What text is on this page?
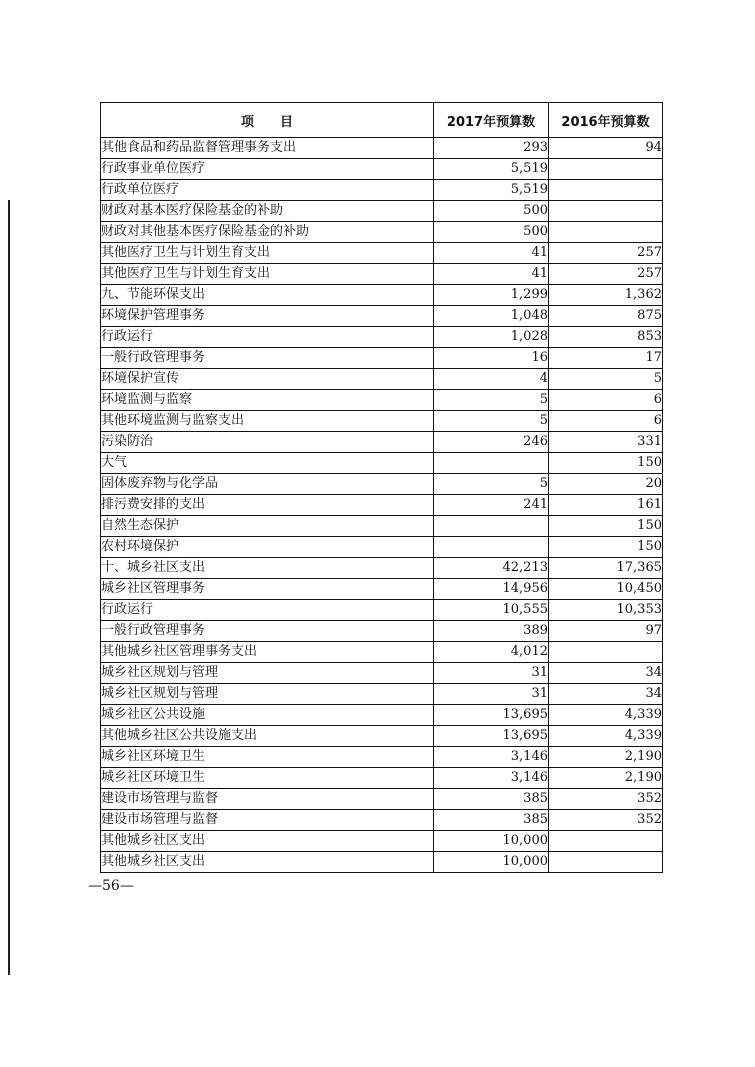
项　　目	2017年预算数	2016年预算数
其他食品和药品监督管理事务支出	293	94
行政事业单位医疗	5,519	
行政单位医疗	5,519	
财政对基本医疗保险基金的补助	500	
财政对其他基本医疗保险基金的补助	500	
其他医疗卫生与计划生育支出	41	257
其他医疗卫生与计划生育支出	41	257
九、节能环保支出	1,299	1,362
环境保护管理事务	1,048	875
行政运行	1,028	853
一般行政管理事务	16	17
环境保护宣传	4	5
环境监测与监察	5	6
其他环境监测与监察支出	5	6
污染防治	246	331
大气		150
固体废弃物与化学品	5	20
排污费安排的支出	241	161
自然生态保护		150
农村环境保护		150
十、城乡社区支出	42,213	17,365
城乡社区管理事务	14,956	10,450
行政运行	10,555	10,353
一般行政管理事务	389	97
其他城乡社区管理事务支出	4,012	
城乡社区规划与管理	31	34
城乡社区规划与管理	31	34
城乡社区公共设施	13,695	4,339
其他城乡社区公共设施支出	13,695	4,339
城乡社区环境卫生	3,146	2,190
城乡社区环境卫生	3,146	2,190
建设市场管理与监督	385	352
建设市场管理与监督	385	352
其他城乡社区支出	10,000	
其他城乡社区支出	10,000	
—56—
